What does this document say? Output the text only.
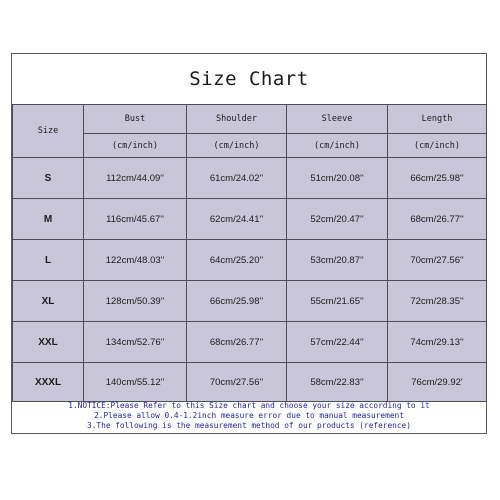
Size Chart
Size	Bust	Shoulder	Sleeve	Length
	(cm/inch)	(cm/inch)	(cm/inch)	(cm/inch)
S	112cm/44.09''	61cm/24.02''	51cm/20.08''	66cm/25.98''
M	116cm/45.67''	62cm/24.41''	52cm/20.47''	68cm/26.77''
L	122cm/48.03''	64cm/25.20''	53cm/20.87''	70cm/27.56''
XL	128cm/50.39''	66cm/25.98''	55cm/21.65''	72cm/28.35''
XXL	134cm/52.76''	68cm/26.77''	57cm/22.44''	74cm/29.13''
XXXL	140cm/55.12''	70cm/27.56''	58cm/22.83''	76cm/29.92'
1.NOTICE:Please Refer to this Size chart and choose your size according to it
2.Please allow 0.4-1.2inch measure error due to manual measurement
3.The following is the measurement method of our products (reference)
